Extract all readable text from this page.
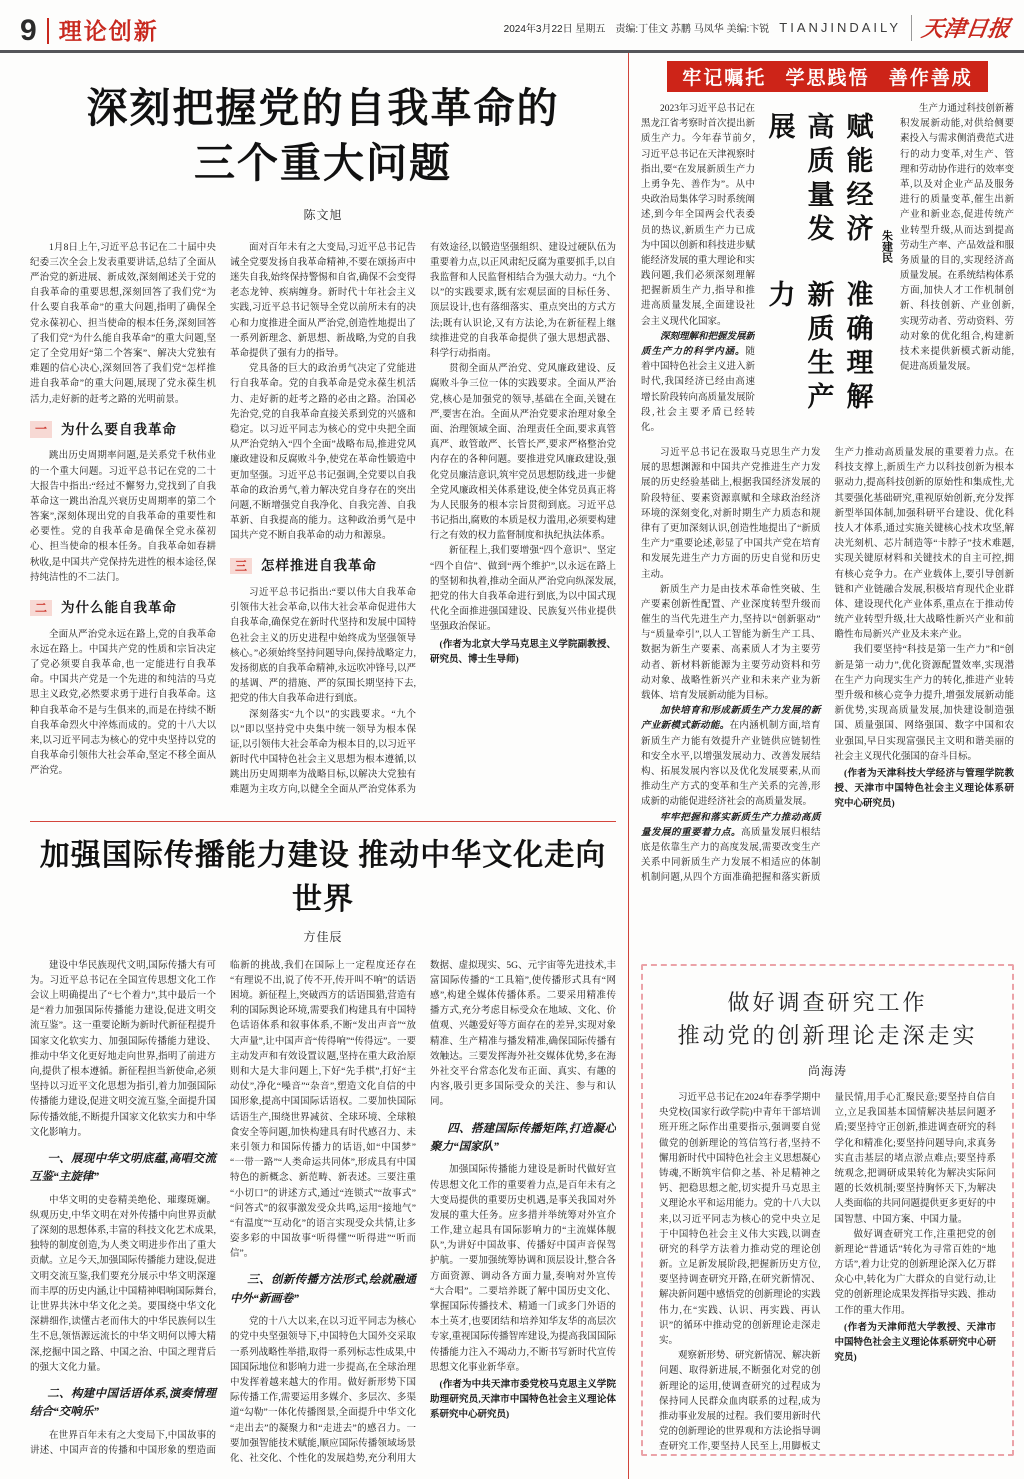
9 理论创新	2024年3月22日 星期五 责编:丁佳文 苏鹏 马凤华 美编:卞锐 TIANJINDAILY 天津日报
深刻把握党的自我革命的
三个重大问题
陈文旭

1月8日上午,习近平总书记在二十届中央纪委三次全会上发表重要讲话,总结了全面从严治党的新进展、新成效,深刻阐述关于党的自我革命的重要思想,深刻回答了我们党“为什么要自我革命”的重大问题,指明了确保全党永葆初心、担当使命的根本任务,深刻回答了我们党“为什么能自我革命”的重大问题,坚定了全党用好“第二个答案”、解决大党独有难题的信心决心,深刻回答了我们党“怎样推进自我革命”的重大问题,展现了党永葆生机活力,走好新的赶考之路的光明前景。

一	为什么要自我革命

跳出历史周期率问题,是关系党千秋伟业的一个重大问题。习近平总书记在党的二十大报告中指出:“经过不懈努力,党找到了自我革命这一跳出治乱兴衰历史周期率的第二个答案”,深刻体现出党的自我革命的重要性和必要性。党的自我革命是确保全党永葆初心、担当使命的根本任务。自我革命如春耕秋收,是中国共产党保持先进性的根本途径,保持纯洁性的不二法门。

二	为什么能自我革命

全面从严治党永远在路上,党的自我革命永远在路上。中国共产党的性质和宗旨决定了党必须要自我革命,也一定能进行自我革命。中国共产党是一个先进的和纯洁的马克思主义政党,必然要求勇于进行自我革命。这种自我革命不是与生俱来的,而是在持续不断自我革命烈火中淬炼而成的。党的十八大以来,以习近平同志为核心的党中央坚持以党的自我革命引领伟大社会革命,坚定不移全面从严治党。

面对百年未有之大变局,习近平总书记告诫全党要发扬自我革命精神,不要在颂扬声中迷失自我,始终保持警惕和自省,确保不会变得老态龙钟、疾病缠身。新时代十年社会主义实践,习近平总书记领导全党以前所未有的决心和力度推进全面从严治党,创造性地提出了一系列新理念、新思想、新战略,为党的自我革命提供了强有力的指导。

党具备的巨大的政治勇气决定了党能进行自我革命。党的自我革命是党永葆生机活力、走好新的赶考之路的必由之路。治国必先治党,党的自我革命直接关系到党的兴盛和稳定。以习近平同志为核心的党中央把全面从严治党纳入“四个全面”战略布局,推进党风廉政建设和反腐败斗争,使党在革命性锻造中更加坚强。习近平总书记强调,全党要以自我革命的政治勇气,着力解决党自身存在的突出问题,不断增强党自我净化、自我完善、自我革新、自我提高的能力。这种政治勇气是中国共产党不断自我革命的动力和源泉。

三	怎样推进自我革命

习近平总书记指出:“要以伟大自我革命引领伟大社会革命,以伟大社会革命促进伟大自我革命,确保党在新时代坚持和发展中国特色社会主义的历史进程中始终成为坚强领导核心。”必须始终坚持问题导向,保持战略定力,发扬彻底的自我革命精神,永远吹冲锋号,以严的基调、严的措施、严的氛围长期坚持下去,把党的伟大自我革命进行到底。

深刻落实“九个以”的实践要求。“九个以”即以坚持党中央集中统一领导为根本保证,以引领伟大社会革命为根本目的,以习近平新时代中国特色社会主义思想为根本遵循,以跳出历史周期率为战略目标,以解决大党独有难题为主攻方向,以健全全面从严治党体系为有效途径,以锻造坚强组织、建设过硬队伍为重要着力点,以正风肃纪反腐为重要抓手,以自我监督和人民监督相结合为强大动力。“九个以”的实践要求,既有宏观层面的目标任务、顶层设计,也有落细落实、重点突出的方式方法;既有认识论,又有方法论,为在新征程上继续推进党的自我革命提供了强大思想武器、科学行动指南。

贯彻全面从严治党、党风廉政建设、反腐败斗争三位一体的实践要求。全面从严治党,核心是加强党的领导,基础在全面,关键在严,要害在治。全面从严治党要求治理对象全面、治理领域全面、治理责任全面,要求真管真严、敢管敢严、长管长严,要求严格整治党内存在的各种问题。要推进党风廉政建设,强化党员廉洁意识,筑牢党员思想防线,进一步健全党风廉政相关体系建设,使全体党员真正将为人民服务的根本宗旨贯彻到底。习近平总书记指出,腐败的本质是权力滥用,必须要构建行之有效的权力监督制度和执纪执法体系。

新征程上,我们要增强“四个意识”、坚定“四个自信”、做到“两个维护”,以永远在路上的坚韧和执着,推动全面从严治党向纵深发展,把党的伟大自我革命进行到底,为以中国式现代化全面推进强国建设、民族复兴伟业提供坚强政治保证。

(作者为北京大学马克思主义学院副教授、研究员、博士生导师)

加强国际传播能力建设 推动中华文化走向世界
方佳辰

建设中华民族现代文明,国际传播大有可为。习近平总书记在全国宣传思想文化工作会议上明确提出了“七个着力”,其中最后一个是“着力加强国际传播能力建设,促进文明交流互鉴”。这一重要论断为新时代新征程提升国家文化软实力、加强国际传播能力建设、推动中华文化更好地走向世界,指明了前进方向,提供了根本遵循。新征程担当新使命,必须坚持以习近平文化思想为指引,着力加强国际传播能力建设,促进文明交流互鉴,全面提升国际传播效能,不断提升国家文化软实力和中华文化影响力。

一、展现中华文明底蕴,高唱交流互鉴“主旋律”

中华文明的史卷精美绝伦、璀璨斑斓。纵观历史,中华文明在对外传播中向世界贡献了深刻的思想体系,丰富的科技文化艺术成果,独特的制度创造,为人类文明进步作出了重大贡献。立足今天,加强国际传播能力建设,促进文明交流互鉴,我们要充分展示中华文明深邃而丰厚的历史内涵,让中国精神唱响国际舞台,让世界共沐中华文化之美。要围绕中华文化深耕细作,读懂古老而伟大的中华民族何以生生不息,领悟源远流长的中华文明何以博大精深,挖掘中国之路、中国之治、中国之理背后的强大文化力量。

二、构建中国话语体系,演奏情理结合“交响乐”

在世界百年未有之大变局下,中国故事的讲述、中国声音的传播和中国形象的塑造面临新的挑战,我们在国际上一定程度还存在“有理说不出,说了传不开,传开叫不响”的话语困境。新征程上,突破西方的话语围猎,营造有利的国际舆论环境,需要我们构建具有中国特色话语体系和叙事体系,不断“发出声音”“放大声量”,让中国声音“传得响”“传得远”。一要主动发声和有效设置议题,坚持在重大政治原则和大是大非问题上,下好“先手棋”,打好“主动仗”,净化“噪音”“杂音”,塑造文化自信的中国形象,提高中国国际话语权。二要加快国际话语生产,围绕世界减贫、全球环境、全球粮食安全等问题,加快构建具有时代感召力、未来引领力和国际传播力的话语,如“中国梦”“一带一路”“人类命运共同体”,形成具有中国特色的新概念、新范畴、新表述。三要注重“小切口”的讲述方式,通过“连锁式”“故事式”“问答式”的叙事激发受众共鸣,运用“接地气”“有温度”“互动化”的语言实现受众共情,让多姿多彩的中国故事“听得懂”“听得进”“听而信”。

三、创新传播方法形式,绘就融通中外“新画卷”

党的十八大以来,在以习近平同志为核心的党中央坚强领导下,中国特色大国外交采取一系列战略性举措,取得一系列标志性成果,中国国际地位和影响力进一步提高,在全球治理中发挥着越来越大的作用。做好新形势下国际传播工作,需要运用多媒介、多层次、多渠道“勾勒”一体化传播图景,全面提升中华文化“走出去”的凝聚力和“走进去”的感召力。一要加强智能技术赋能,顺应国际传播领域场景化、社交化、个性化的发展趋势,充分利用大数据、虚拟现实、5G、元宇宙等先进技术,丰富国际传播的“工具箱”,使传播形式具有“网感”,构建全媒体传播体系。二要采用精准传播方式,充分考虑目标受众在地域、文化、价值观、兴趣爱好等方面存在的差异,实现对象精准、生产精准与播发精准,确保国际传播有效触达。三要发挥海外社交媒体优势,多在海外社交平台常态化发布正面、真实、有趣的内容,吸引更多国际受众的关注、参与和认同。

四、搭建国际传播矩阵,打造凝心聚力“国家队”

加强国际传播能力建设是新时代做好宣传思想文化工作的重要着力点,是百年未有之大变局提供的重要历史机遇,是事关我国对外发展的重大任务。应多措并举统筹对外宣介工作,建立起具有国际影响力的“主流媒体舰队”,为讲好中国故事、传播好中国声音保驾护航。一要加强统筹协调和顶层设计,整合各方面资源、调动各方面力量,奏响对外宣传“大合唱”。二要培养既了解中国历史文化、掌握国际传播技术、精通一门或多门外语的本土英才,也要团结和培养知华友华的高层次专家,重视国际传播智库建设,为提高我国国际传播能力注入不竭动力,不断书写新时代宣传思想文化事业新华章。

(作者为中共天津市委党校马克思主义学院助理研究员,天津市中国特色社会主义理论体系研究中心研究员)

牢记嘱托 学思践悟 善作善成

2023年习近平总书记在黑龙江省考察时首次提出新质生产力。今年春节前夕,习近平总书记在天津视察时指出,要“在发展新质生产力上勇争先、善作为”。从中央政治局集体学习时系统阐述,到今年全国两会代表委员的热议,新质生产力已成为中国以创新和科技进步赋能经济发展的重大理论和实践问题,我们必须深刻理解把握新质生产力,指导和推进高质量发展,全面建设社会主义现代化国家。

深刻理解和把握发展新质生产力的科学内涵。随着中国特色社会主义进入新时代,我国经济已经由高速增长阶段转向高质量发展阶段,社会主要矛盾已经转化。

赋能经济高质量发展
准确理解新质生产力
朱建民

生产力通过科技创新蓄积发展新动能,对供给侧要素投入与需求侧消费范式进行的动力变革,对生产、管理和劳动协作进行的效率变革,以及对企业产品及服务进行的质量变革,催生出新产业和新业态,促进传统产业转型升级,从而达到提高劳动生产率、产品效益和服务质量的目的,实现经济高质量发展。在系统结构体系方面,加快人才工作机制创新、科技创新、产业创新,实现劳动者、劳动资料、劳动对象的优化组合,构建新技术来提供新模式新动能,促进高质量发展。

习近平总书记在汲取马克思生产力发展的思想渊源和中国共产党推进生产力发展的历史经验基础上,根据我国经济发展的阶段特征、要素资源禀赋和全球政治经济环境的深刻变化,对新时期生产力质态和规律有了更加深刻认识,创造性地提出了“新质生产力”重要论述,彰显了中国共产党在培育和发展先进生产力方面的历史自觉和历史主动。

新质生产力是由技术革命性突破、生产要素创新性配置、产业深度转型升级而催生的当代先进生产力,坚持以“创新驱动”与“质量牵引”,以人工智能为新生产工具、数据为新生产要素、高素质人才为主要劳动者、新材料新能源为主要劳动资料和劳动对象、战略性新兴产业和未来产业为新载体、培育发展新动能为目标。

加快培育和形成新质生产力发展的新产业新模式新动能。在内涵机制方面,培育新质生产力能有效提升产业链供应链韧性和安全水平,以增强发展动力、改善发展结构、拓展发展内容以及优化发展要素,从而推动生产方式的变革和生产关系的完善,形成新的动能促进经济社会的高质量发展。

牢牢把握和落实新质生产力推动高质量发展的重要着力点。高质量发展归根结底是依靠生产力的高度发展,需要改变生产关系中同新质生产力发展不相适应的体制机制问题,从四个方面准确把握和落实新质生产力推动高质量发展的重要着力点。在科技支撑上,新质生产力以科技创新为根本驱动力,提高科技创新的原始性和集成性,尤其要强化基础研究,重视原始创新,充分发挥新型举国体制,加强科研平台建设、优化科技人才体系,通过实施关键核心技术攻坚,解决光刻机、芯片制造等“卡脖子”技术难题,实现关键原材料和关键技术的自主可控,拥有核心竞争力。在产业载体上,要引导创新链和产业链融合发展,积极培育现代企业群体、建设现代化产业体系,重点在于推动传统产业转型升级,壮大战略性新兴产业和前瞻性布局新兴产业及未来产业。

我们要坚持“科技是第一生产力”和“创新是第一动力”,优化资源配置效率,实现潜在生产力向现实生产力的转化,推进产业转型升级和核心竞争力提升,增强发展新动能新优势,实现高质量发展,加快建设制造强国、质量强国、网络强国、数字中国和农业强国,早日实现富强民主文明和谐美丽的社会主义现代化强国的奋斗目标。

(作者为天津科技大学经济与管理学院教授、天津市中国特色社会主义理论体系研究中心研究员)

做好调查研究工作
推动党的创新理论走深走实
尚海涛

习近平总书记在2024年春季学期中央党校(国家行政学院)中青年干部培训班开班之际作出重要指示,强调要自觉做党的创新理论的笃信笃行者,坚持不懈用新时代中国特色社会主义思想凝心铸魂,不断筑牢信仰之基、补足精神之钙、把稳思想之舵,切实提升马克思主义理论水平和运用能力。党的十八大以来,以习近平同志为核心的党中央立足于中国特色社会主义伟大实践,以调查研究的科学方法着力推动党的理论创新。立足新发展阶段,把握新历史方位,要坚持调查研究开路,在研究新情况、解决新问题中感悟党的创新理论的实践伟力,在“实践、认识、再实践、再认识”的循环中推动党的创新理论走深走实。

观察新形势、研究新情况、解决新问题、取得新进展,不断强化对党的创新理论的运用,使调查研究的过程成为保持同人民群众血肉联系的过程,成为推动事业发展的过程。我们要用新时代党的创新理论的世界观和方法论指导调查研究工作,要坚持人民至上,用脚板丈量民情,用手心汇聚民意;要坚持自信自立,立足我国基本国情解决基层问题矛盾;要坚持守正创新,推进调查研究的科学化和精准化;要坚持问题导向,求真务实直击基层的堵点淤点难点;要坚持系统观念,把调研成果转化为解决实际问题的长效机制;要坚持胸怀天下,为解决人类面临的共同问题提供更多更好的中国智慧、中国方案、中国力量。

做好调查研究工作,注重把党的创新理论“普通话”转化为寻常百姓的“地方话”,着力让党的创新理论深入亿万群众心中,转化为广大群众的自觉行动,让党的创新理论成果发挥指导实践、推动工作的重大作用。

(作者为天津师范大学教授、天津市中国特色社会主义理论体系研究中心研究员)
